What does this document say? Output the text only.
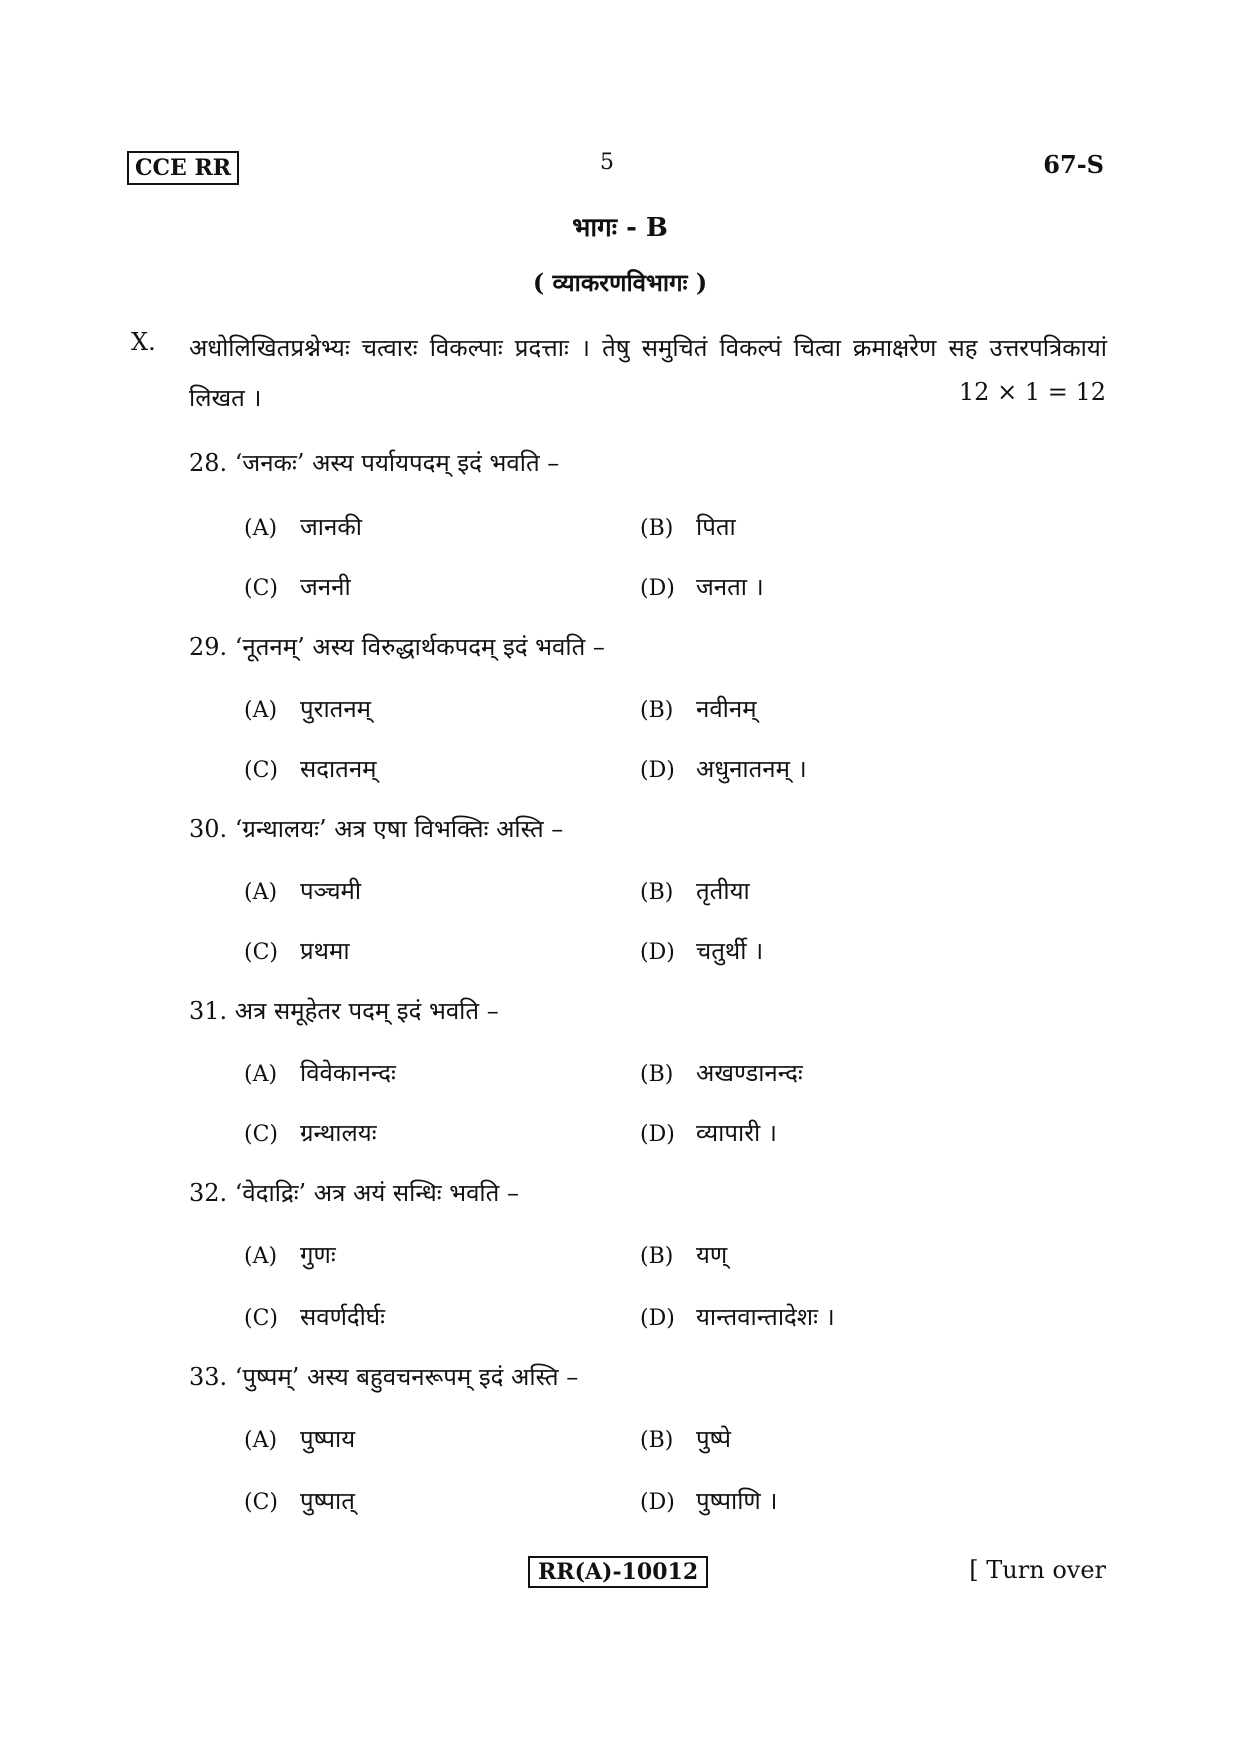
CCE RR	5	67-S
भागः - B
( व्याकरणविभागः )
X. अधोलिखितप्रश्नेभ्यः चत्वारः विकल्पाः प्रदत्ताः । तेषु समुचितं विकल्पं चित्वा क्रमाक्षरेण सह उत्तरपत्रिकायां लिखत ।	12 × 1 = 12
28. ‘जनकः’ अस्य पर्यायपदम् इदं भवति –
(A) जानकी	(B) पिता
(C) जननी	(D) जनता ।
29. ‘नूतनम्’ अस्य विरुद्धार्थकपदम् इदं भवति –
(A) पुरातनम्	(B) नवीनम्
(C) सदातनम्	(D) अधुनातनम् ।
30. ‘ग्रन्थालयः’ अत्र एषा विभक्तिः अस्ति –
(A) पञ्चमी	(B) तृतीया
(C) प्रथमा	(D) चतुर्थी ।
31. अत्र समूहेतर पदम् इदं भवति –
(A) विवेकानन्दः	(B) अखण्डानन्दः
(C) ग्रन्थालयः	(D) व्यापारी ।
32. ‘वेदाद्रिः’ अत्र अयं सन्धिः भवति –
(A) गुणः	(B) यण्
(C) सवर्णदीर्घः	(D) यान्तवान्तादेशः ।
33. ‘पुष्पम्’ अस्य बहुवचनरूपम् इदं अस्ति –
(A) पुष्पाय	(B) पुष्पे
(C) पुष्पात्	(D) पुष्पाणि ।
RR(A)-10012	[ Turn over
